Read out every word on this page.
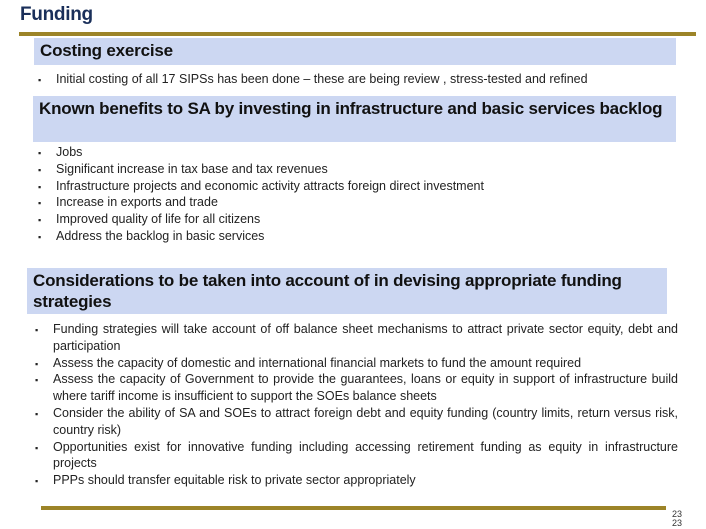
Funding
Costing exercise
▪ Initial costing of all 17 SIPSs has been done – these are being review , stress-tested and refined
Known benefits to SA by investing in infrastructure and basic services backlog
▪ Jobs
▪ Significant increase in tax base and tax revenues
▪ Infrastructure projects and economic activity attracts foreign direct investment
▪ Increase in exports and trade
▪ Improved quality of life for all citizens
▪ Address the backlog in basic services
Considerations to be taken into account of in devising appropriate funding strategies
▪ Funding strategies will take account of off balance sheet mechanisms to attract private sector equity, debt and participation
▪ Assess the capacity of domestic and international financial markets to fund the amount required
▪ Assess the capacity of Government to provide the guarantees, loans or equity in support of infrastructure build where tariff income is insufficient to support the SOEs balance sheets
▪ Consider the ability of SA and SOEs to attract foreign debt and equity funding (country limits, return versus risk, country risk)
▪ Opportunities exist for innovative funding including accessing retirement funding as equity in infrastructure projects
▪ PPPs should transfer equitable risk to private sector appropriately
23
23
